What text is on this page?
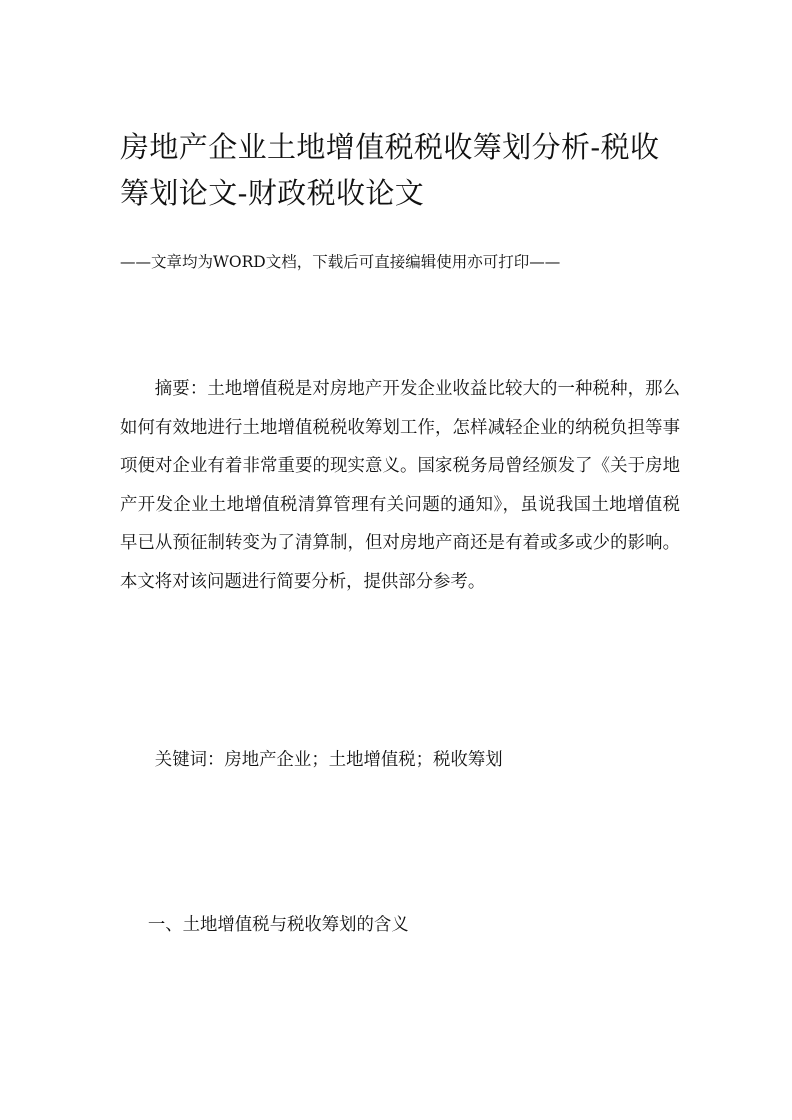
房地产企业土地增值税税收筹划分析-税收筹划论文-财政税收论文

——文章均为WORD文档，下载后可直接编辑使用亦可打印——

摘要：土地增值税是对房地产开发企业收益比较大的一种税种，那么如何有效地进行土地增值税税收筹划工作，怎样减轻企业的纳税负担等事项便对企业有着非常重要的现实意义。国家税务局曾经颁发了《关于房地产开发企业土地增值税清算管理有关问题的通知》，虽说我国土地增值税早已从预征制转变为了清算制，但对房地产商还是有着或多或少的影响。本文将对该问题进行简要分析，提供部分参考。

关键词：房地产企业；土地增值税；税收筹划

一、土地增值税与税收筹划的含义
